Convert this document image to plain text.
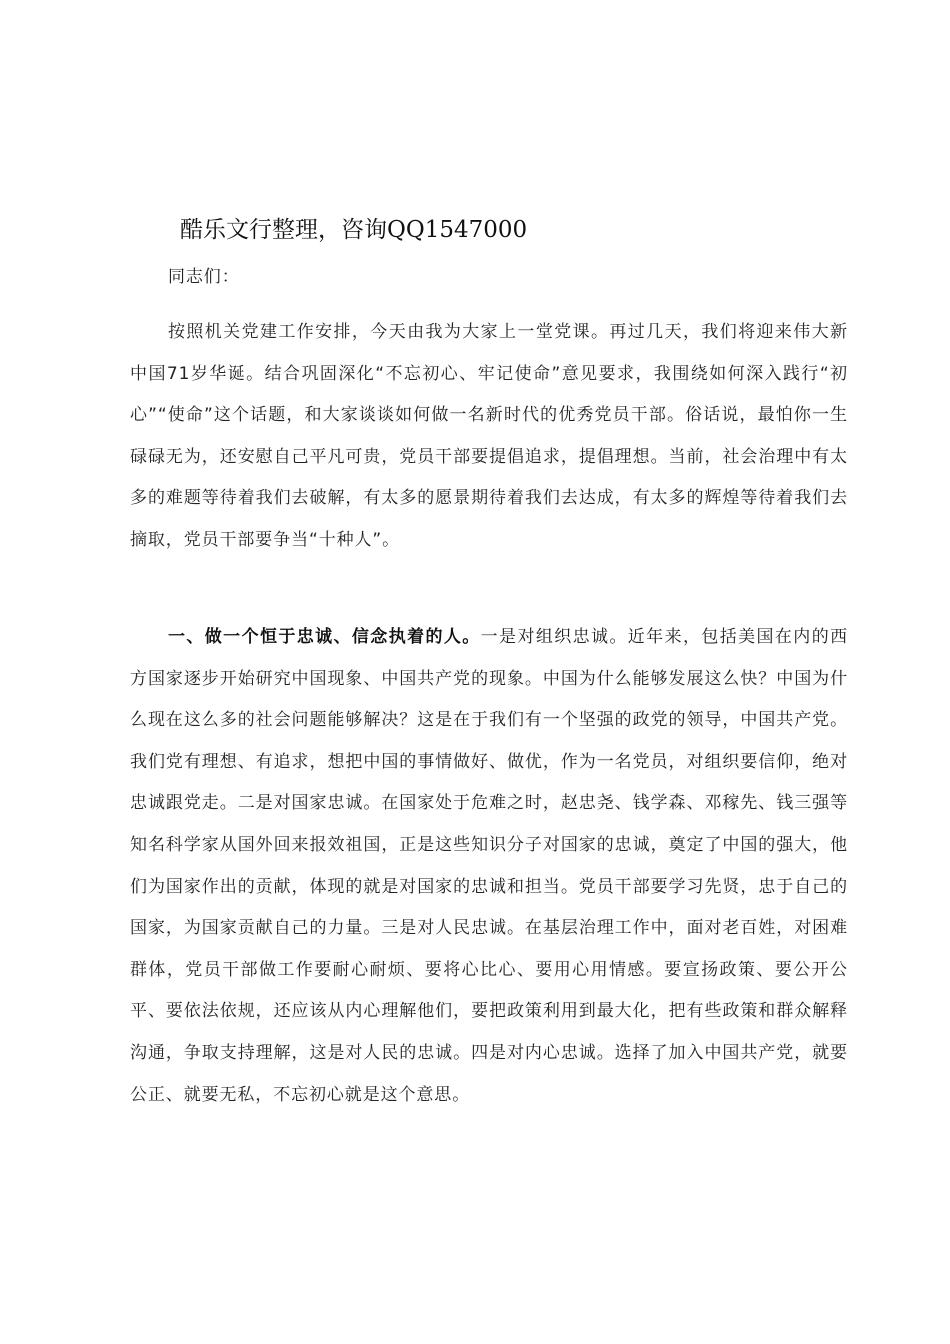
酷乐文行整理，咨询QQ1547000

同志们：

按照机关党建工作安排，今天由我为大家上一堂党课。再过几天，我们将迎来伟大新中国71岁华诞。结合巩固深化“不忘初心、牢记使命”意见要求，我围绕如何深入践行“初心”“使命”这个话题，和大家谈谈如何做一名新时代的优秀党员干部。俗话说，最怕你一生碌碌无为，还安慰自己平凡可贵，党员干部要提倡追求，提倡理想。当前，社会治理中有太多的难题等待着我们去破解，有太多的愿景期待着我们去达成，有太多的辉煌等待着我们去摘取，党员干部要争当“十种人”。

一、做一个恒于忠诚、信念执着的人。一是对组织忠诚。近年来，包括美国在内的西方国家逐步开始研究中国现象、中国共产党的现象。中国为什么能够发展这么快？中国为什么现在这么多的社会问题能够解决？这是在于我们有一个坚强的政党的领导，中国共产党。我们党有理想、有追求，想把中国的事情做好、做优，作为一名党员，对组织要信仰，绝对忠诚跟党走。二是对国家忠诚。在国家处于危难之时，赵忠尧、钱学森、邓稼先、钱三强等知名科学家从国外回来报效祖国，正是这些知识分子对国家的忠诚，奠定了中国的强大，他们为国家作出的贡献，体现的就是对国家的忠诚和担当。党员干部要学习先贤，忠于自己的国家，为国家贡献自己的力量。三是对人民忠诚。在基层治理工作中，面对老百姓，对困难群体，党员干部做工作要耐心耐烦、要将心比心、要用心用情感。要宣扬政策、要公开公平、要依法依规，还应该从内心理解他们，要把政策利用到最大化，把有些政策和群众解释沟通，争取支持理解，这是对人民的忠诚。四是对内心忠诚。选择了加入中国共产党，就要公正、就要无私，不忘初心就是这个意思。
